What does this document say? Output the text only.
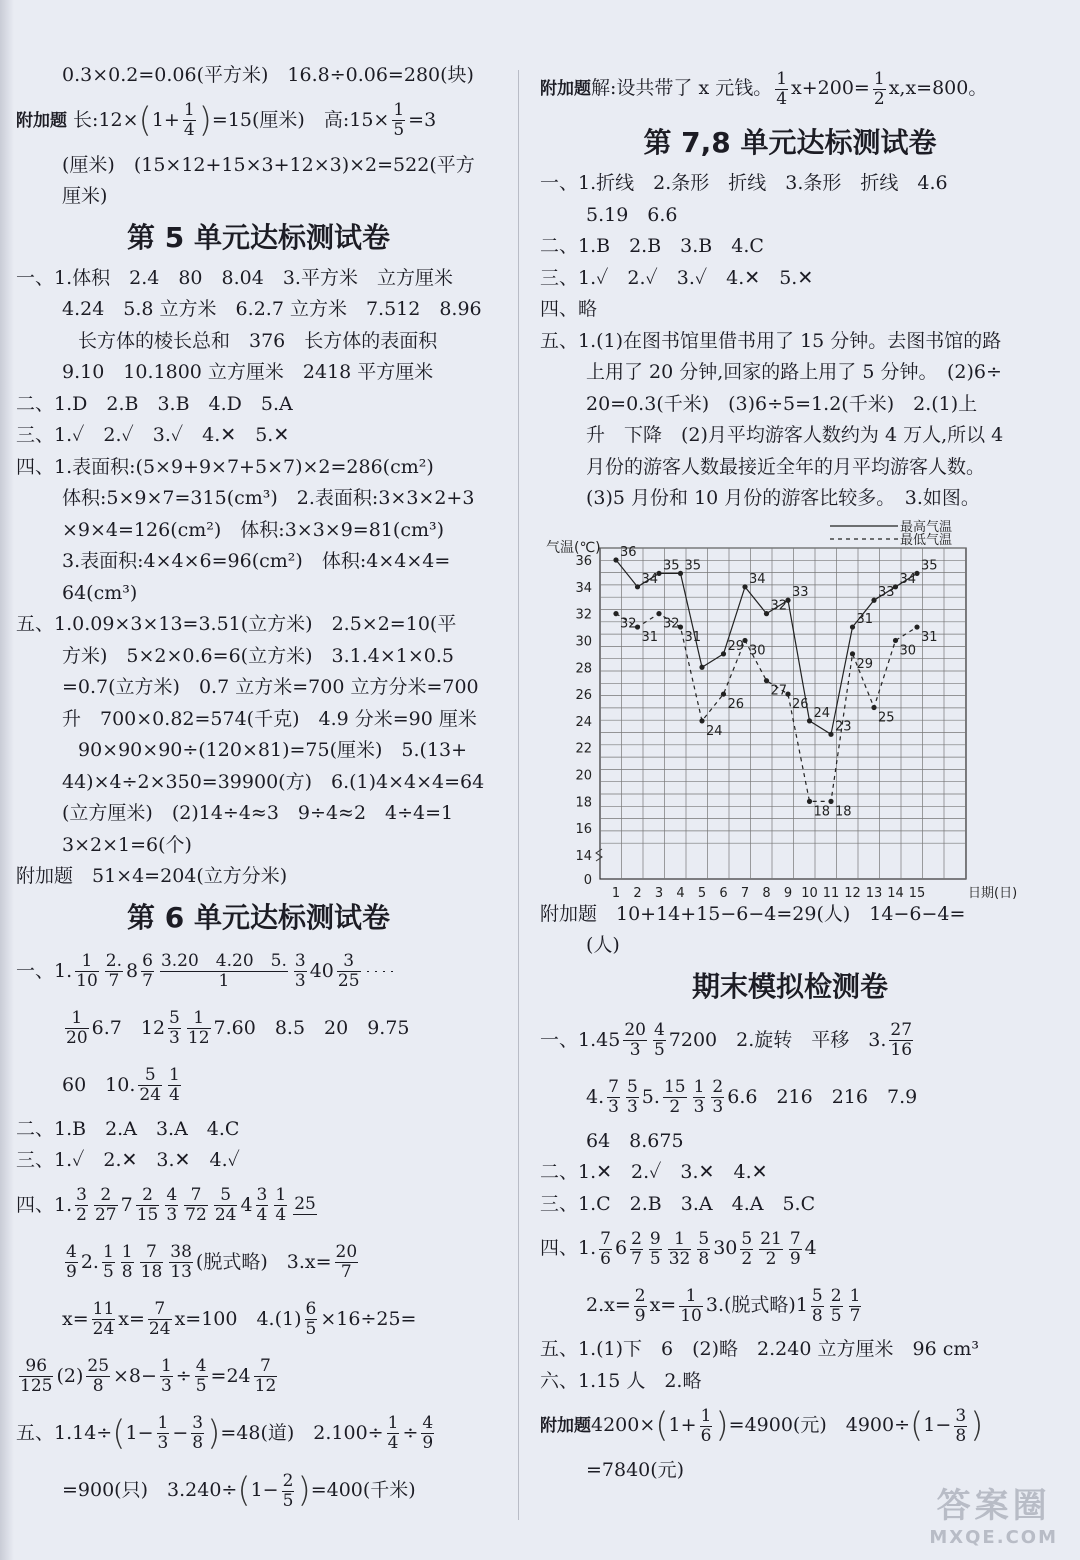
0.3×0.2=0.06(平方米)　16.8÷0.06=280(块)
附加题 长:12×(1+ $\frac{1}{4} )=15$(厘米)　高:15× $\frac{1}{5} =3$
(厘米)　(15×12+15×3+12×3)×2=522(平方
厘米)
第 5 单元达标测试卷
一、1.体积　2.4　80　8.04　3.平方米　立方厘米
4.24　5.8 立方米　6.2.7 立方米　7.512　8.96
长方体的棱长总和　376　长方体的表面积
9.10　10.1800 立方厘米　2418 平方厘米
二、1.D　2.B　3.B　4.D　5.A
三、1.✓　2.✓　3.✓　4.✕　5.✕
四、1.表面积:(5×9+9×7+5×7)×2=286(cm²)
体积:5×9×7=315(cm³)　2.表面积:3×3×2+3
×9×4=126(cm²)　体积:3×3×9=81(cm³)
3.表面积:4×4×6=96(cm²)　体积:4×4×4=
64(cm³)
五、1.0.09×3×13=3.51(立方米)　2.5×2=10(平
方米)　5×2×0.6=6(立方米)　3.1.4×1×0.5
=0.7(立方米)　0.7 立方米=700 立方分米=700
升　700×0.82=574(千克)　4.9 分米=90 厘米
90×90×90÷(120×81)=75(厘米)　5.(13+
44)×4÷2×350=39900(方)　6.(1)4×4×4=64
(立方厘米)　(2)14÷4≈3　9÷4≈2　4÷4=1
3×2×1=6(个)
附加题　51×4=204(立方分米)
第 6 单元达标测试卷
一、1. $\frac{1}{10} \frac{2.}{7} 8 \frac{6}{7} \frac{3.20 4.20 5.}{1} \frac{3}{3} 40 \frac{3}{25}$
$\frac{1}{20} 6.7$　$12 \frac{5}{3} \frac{1}{12} 7.60$　8.5　20　9.75
60　10. $\frac{5}{24} \frac{1}{4}$
二、1.B　2.A　3.A　4.C
三、1.✓　2.✕　3.✕　4.✓
四、1. $\frac{3}{2} \frac{2}{27} 7 \frac{2}{15} \frac{4}{3} \frac{7}{72} \frac{5}{24} 4 \frac{3}{4} \frac{1}{4} 25$
$\frac{4}{9} 2$. $\frac{1}{5} \frac{1}{8} \frac{7}{18} \frac{38}{13}$ (脱式略)　$3.x= \frac{20}{7}$
$x= \frac{11}{24} x= \frac{7}{24} x=100$　$4.(1) \frac{6}{5} \times 16\div 25=$
$\frac{96}{125} (2) \frac{25}{8} \times 8- \frac{1}{3} \div \frac{4}{5} =24 \frac{7}{12}$
五、$1.14\div(1- \frac{1}{3} - \frac{3}{8} )=48$(道)　$2.100\div \frac{1}{4} \div \frac{4}{9}$
=900(只)　$3.240\div(1- \frac{2}{5} )=400$(千米)
附加题解:设共带了 x 元钱。 $\frac{1}{4} x+200= \frac{1}{2} x,x=800$。
第 7,8 单元达标测试卷
一、1.折线　2.条形　折线　3.条形　折线　4.6
5.19　6.6
二、1.B　2.B　3.B　4.C
三、1.✓　2.✓　3.✓　4.✕　5.✕
四、略
五、1.(1)在图书馆里借书用了 15 分钟。去图书馆的路
上用了 20 分钟,回家的路上用了 5 分钟。　(2)6÷
20=0.3(千米)　(3)6÷5=1.2(千米)　2.(1)上
升　下降　(2)月平均游客人数约为 4 万人,所以 4
月份的游客人数最接近全年的月平均游客人数。
(3)5 月份和 10 月份的游客比较多。　3.如图。
气温(℃)
0
14
16
18
20
22
24
26
28
30
32
34
36
1 2 3 4 5 6 7 8 9 10 11 12 13 14 15	日期(日)
最高气温
最低气温
36
34
35 35
29
34
32
33
24
23
31
33
34
35
32
31
32
31
24
26
30
27
26
18 18
29
25
30
31
附加题　10+14+15−6−4=29(人)　14−6−4=
(人)
期末模拟检测卷
一、$1.45 \frac{20}{3} \frac{4}{5} 7200$　2.旋转　平移　3. $\frac{27}{16}$
4. $\frac{7}{3} \frac{5}{3} 5$. $\frac{15}{2} \frac{1}{3} \frac{2}{3} 6.6$　216　216　7.9
64　8.675
二、1.✕　2.✓　3.✕　4.✕
三、1.C　2.B　3.A　4.A　5.C
四、1. $\frac{7}{6} 6 \frac{2}{7} \frac{9}{5} \frac{1}{32} \frac{5}{8} 30 \frac{5}{2} \frac{21}{2} \frac{7}{9} 4$
$2.x= \frac{2}{9} x= \frac{1}{10} 3$.(脱式略)$1 \frac{5}{8} \frac{2}{5} \frac{1}{7}$
五、1.(1)下　6　(2)略　2.240 立方厘米　96 cm³
六、1.15 人　2.略
附加题$4200\times(1+ \frac{1}{6} )=4900$(元)　$4900\div(1- \frac{3}{8}$ )
=7840(元)
答案圈
MXQE.COM
